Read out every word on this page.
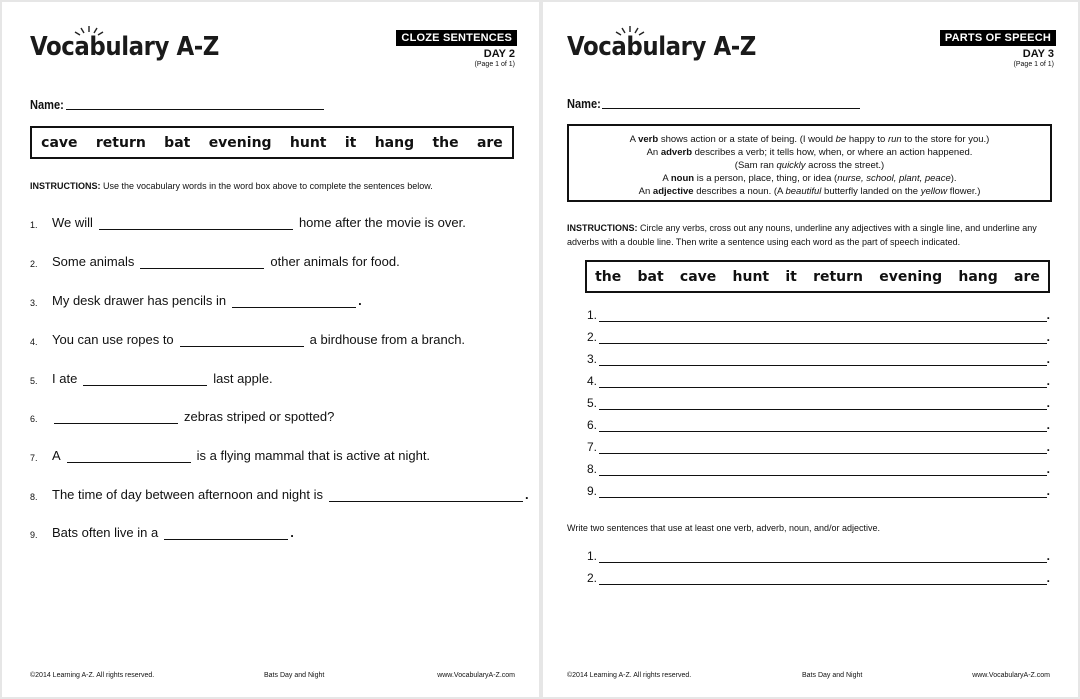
Vocabulary A-Z	CLOZE SENTENCES
DAY 2
(Page 1 of 1)
Name:
cave return bat evening hunt it hang the are
INSTRUCTIONS: Use the vocabulary words in the word box above to complete the sentences below.
1.	We will	home after the movie is over.
2.	Some animals	other animals for food.
3.	My desk drawer has pencils in	.
4.	You can use ropes to	a birdhouse from a branch.
5.	I ate	last apple.
6.	zebras striped or spotted?
7.	A	is a flying mammal that is active at night.
8.	The time of day between afternoon and night is	.
9.	Bats often live in a	.
©2014 Learning A-Z. All rights reserved.	Bats Day and Night	www.VocabularyA-Z.com
Vocabulary A-Z	PARTS OF SPEECH
DAY 3
(Page 1 of 1)
Name:
A verb shows action or a state of being. (I would be happy to run to the store for you.)
An adverb describes a verb; it tells how, when, or where an action happened.
(Sam ran quickly across the street.)
A noun is a person, place, thing, or idea (nurse, school, plant, peace).
An adjective describes a noun. (A beautiful butterfly landed on the yellow flower.)
INSTRUCTIONS: Circle any verbs, cross out any nouns, underline any adjectives with a single line, and underline any adverbs with a double line. Then write a sentence using each word as the part of speech indicated.
the bat cave hunt it return evening hang are
1.	.
2.	.
3.	.
4.	.
5.	.
6.	.
7.	.
8.	.
9.	.
Write two sentences that use at least one verb, adverb, noun, and/or adjective.
1.	.
2.	.
©2014 Learning A-Z. All rights reserved.	Bats Day and Night	www.VocabularyA-Z.com
